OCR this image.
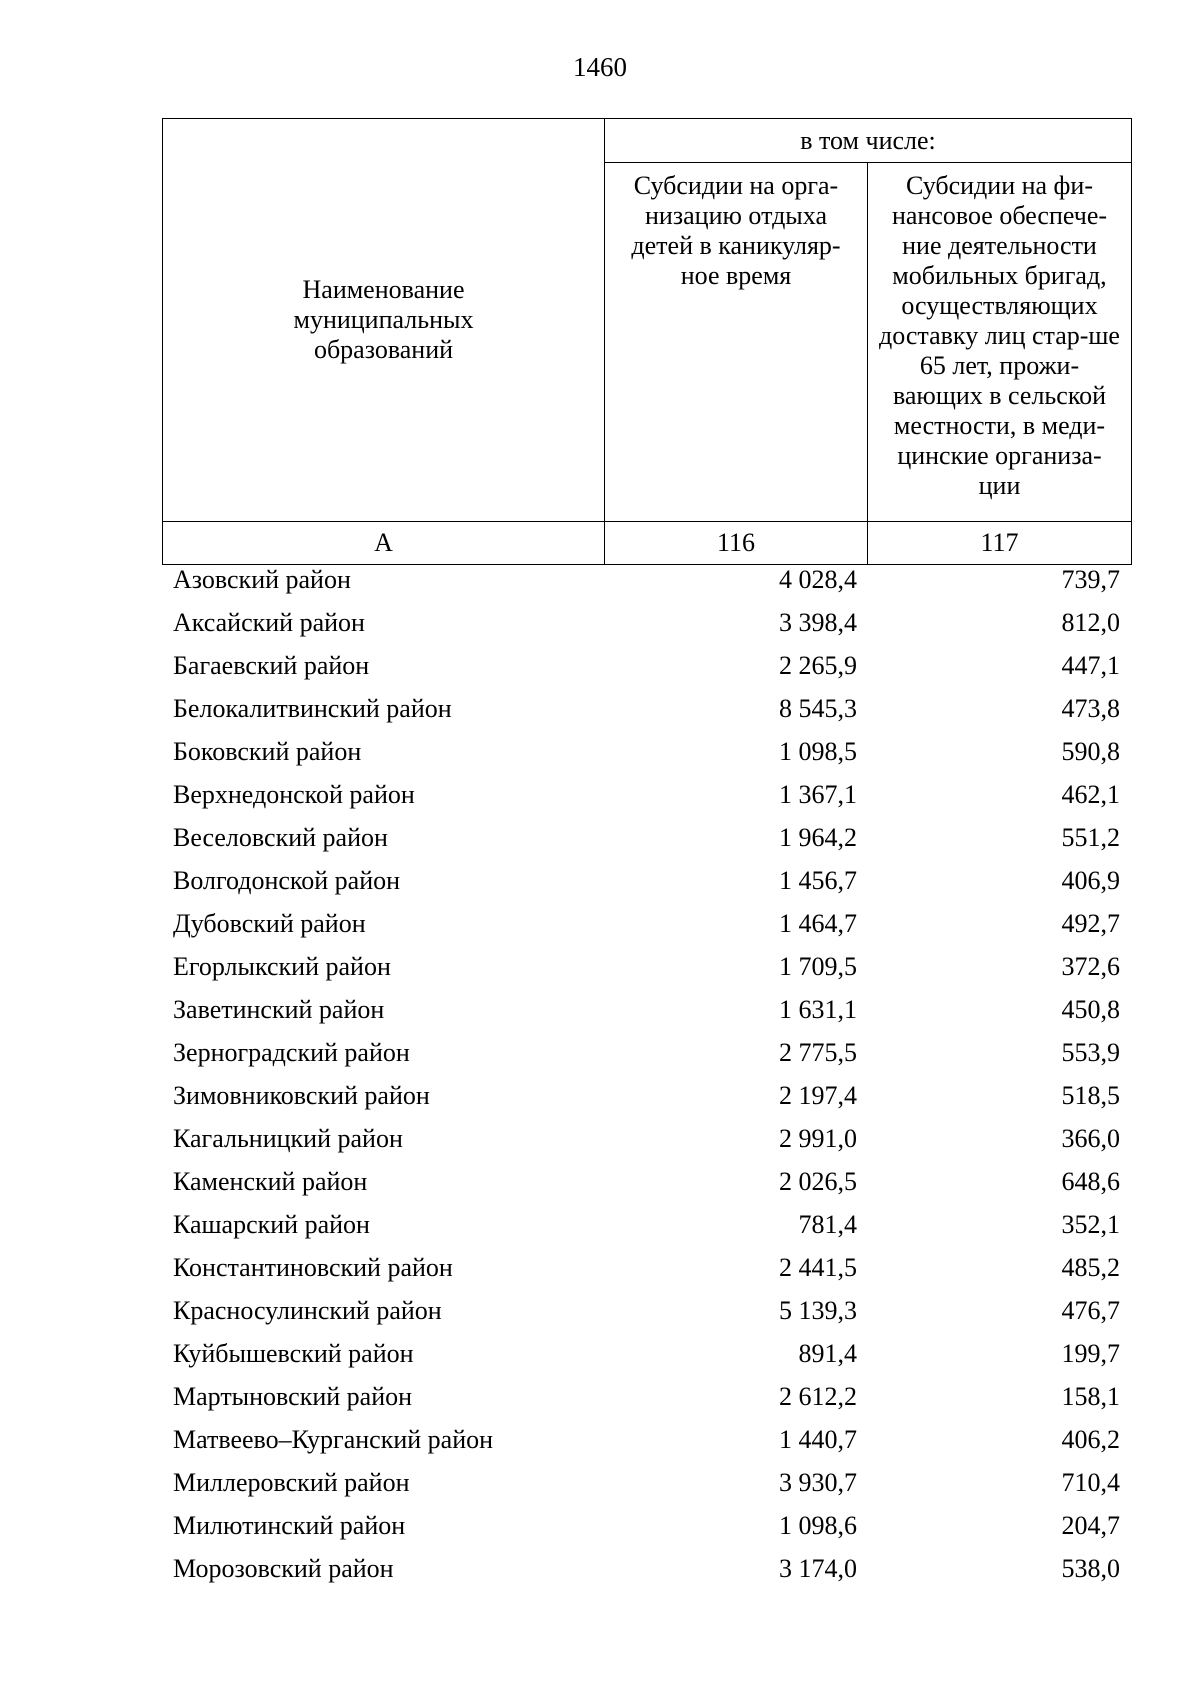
1460
Наименование муниципальных образований	в том числе:	

	Субсидии на орга-низацию отдыха детей в каникуляр-ное время	Субсидии на фи-нансовое обеспече-ние деятельности мобильных бригад, осуществляющих доставку лиц стар-ше 65 лет, прожи-вающих в сельской местности, в меди-цинские организа-ции

А	116	117
Азовский район	4 028,4	739,7
Аксайский район	3 398,4	812,0
Багаевский район	2 265,9	447,1
Белокалитвинский район	8 545,3	473,8
Боковский район	1 098,5	590,8
Верхнедонской район	1 367,1	462,1
Веселовский район	1 964,2	551,2
Волгодонской район	1 456,7	406,9
Дубовский район	1 464,7	492,7
Егорлыкский район	1 709,5	372,6
Заветинский район	1 631,1	450,8
Зерноградский район	2 775,5	553,9
Зимовниковский район	2 197,4	518,5
Кагальницкий район	2 991,0	366,0
Каменский район	2 026,5	648,6
Кашарский район	781,4	352,1
Константиновский район	2 441,5	485,2
Красносулинский район	5 139,3	476,7
Куйбышевский район	891,4	199,7
Мартыновский район	2 612,2	158,1
Матвеево–Курганский район	1 440,7	406,2
Миллеровский район	3 930,7	710,4
Милютинский район	1 098,6	204,7
Морозовский район	3 174,0	538,0
